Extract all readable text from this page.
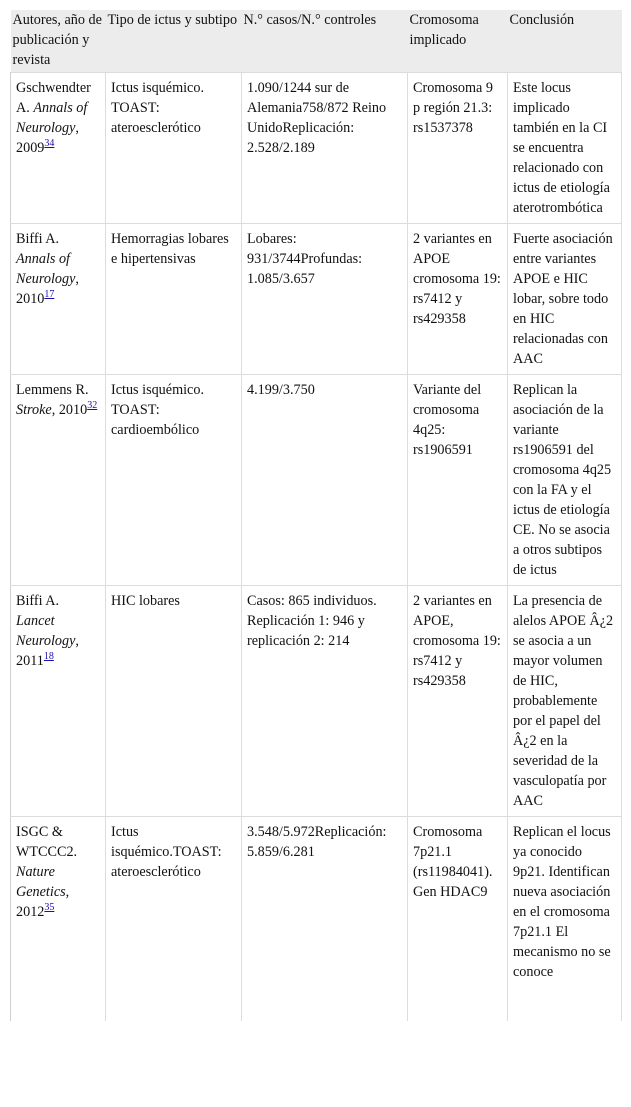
Autores, año de publicación y revista	Tipo de ictus y subtipo	N.° casos/N.° controles	Cromosoma implicado	Conclusión
Gschwendter A. Annals of Neurology, 2009$^{34}$	Ictus isquémico. TOAST: ateroesclerótico	1.090/1244 sur de Alemania758/872 Reino UnidoReplicación: 2.528/2.189	Cromosoma 9 p región 21.3: rs1537378	Este locus implicado también en la CI se encuentra relacionado con ictus de etiología aterotrombótica
Biffi A. Annals of Neurology, 2010$^{17}$	Hemorragias lobares e hipertensivas	Lobares: 931/3744Profundas: 1.085/3.657	2 variantes en APOE cromosoma 19: rs7412 y rs429358	Fuerte asociación entre variantes APOE e HIC lobar, sobre todo en HIC relacionadas con AAC
Lemmens R. Stroke, 2010$^{32}$	Ictus isquémico. TOAST: cardioembólico	4.199/3.750	Variante del cromosoma 4q25: rs1906591	Replican la asociación de la variante rs1906591 del cromosoma 4q25 con la FA y el ictus de etiología CE. No se asocia a otros subtipos de ictus
Biffi A. Lancet Neurology, 2011$^{18}$	HIC lobares	Casos: 865 individuos. Replicación 1: 946 y replicación 2: 214	2 variantes en APOE, cromosoma 19: rs7412 y rs429358	La presencia de alelos APOE Â¿2 se asocia a un mayor volumen de HIC, probablemente por el papel del Â¿2 en la severidad de la vasculopatía por AAC
ISGC & WTCCC2. Nature Genetics, 2012$^{35}$	Ictus isquémico.TOAST: ateroesclerótico	3.548/5.972Replicación: 5.859/6.281	Cromosoma 7p21.1 (rs11984041). Gen HDAC9	Replican el locus ya conocido 9p21. Identifican nueva asociación en el cromosoma 7p21.1 El mecanismo no se conoce
